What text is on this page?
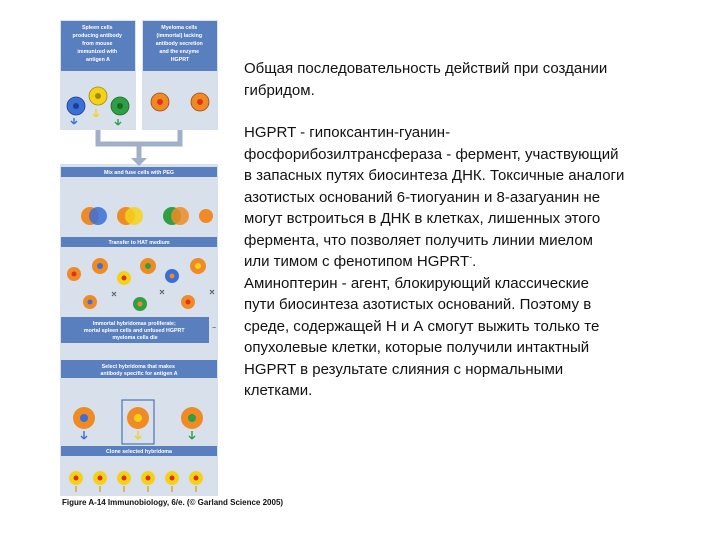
Spleen cells producing antibody from mouse immunized with antigen A
Myeloma cells (immortal) lacking antibody secretion and the enzyme HGPRT
Mix and fuse cells with PEG
Transfer to HAT medium
Immortal hybridomas proliferate; mortal spleen cells and unfused HGPRT myeloma cells die
−
Select hybridoma that makes antibody specific for antigen A
Clone selected hybridoma
Figure A-14 Immunobiology, 6/e. (© Garland Science 2005)
Общая последовательность действий при создании
гибридом.
HGPRT - гипоксантин-гуанин-
фосфорибозилтрансфераза - фермент, участвующий
в запасных путях биосинтеза ДНК. Токсичные аналоги
азотистых оснований 6-тиогуанин и 8-азагуанин не
могут встроиться в ДНК в клетках, лишенных этого
фермента, что позволяет получить линии миелом
или тимом с фенотипом HGPRT-.
Аминоптерин - агент, блокирующий классические
пути биосинтеза азотистых оснований. Поэтому в
среде, содержащей Н и А смогут выжить только те
опухолевые клетки, которые получили интактный
HGPRT в результате слияния с нормальными
клетками.
